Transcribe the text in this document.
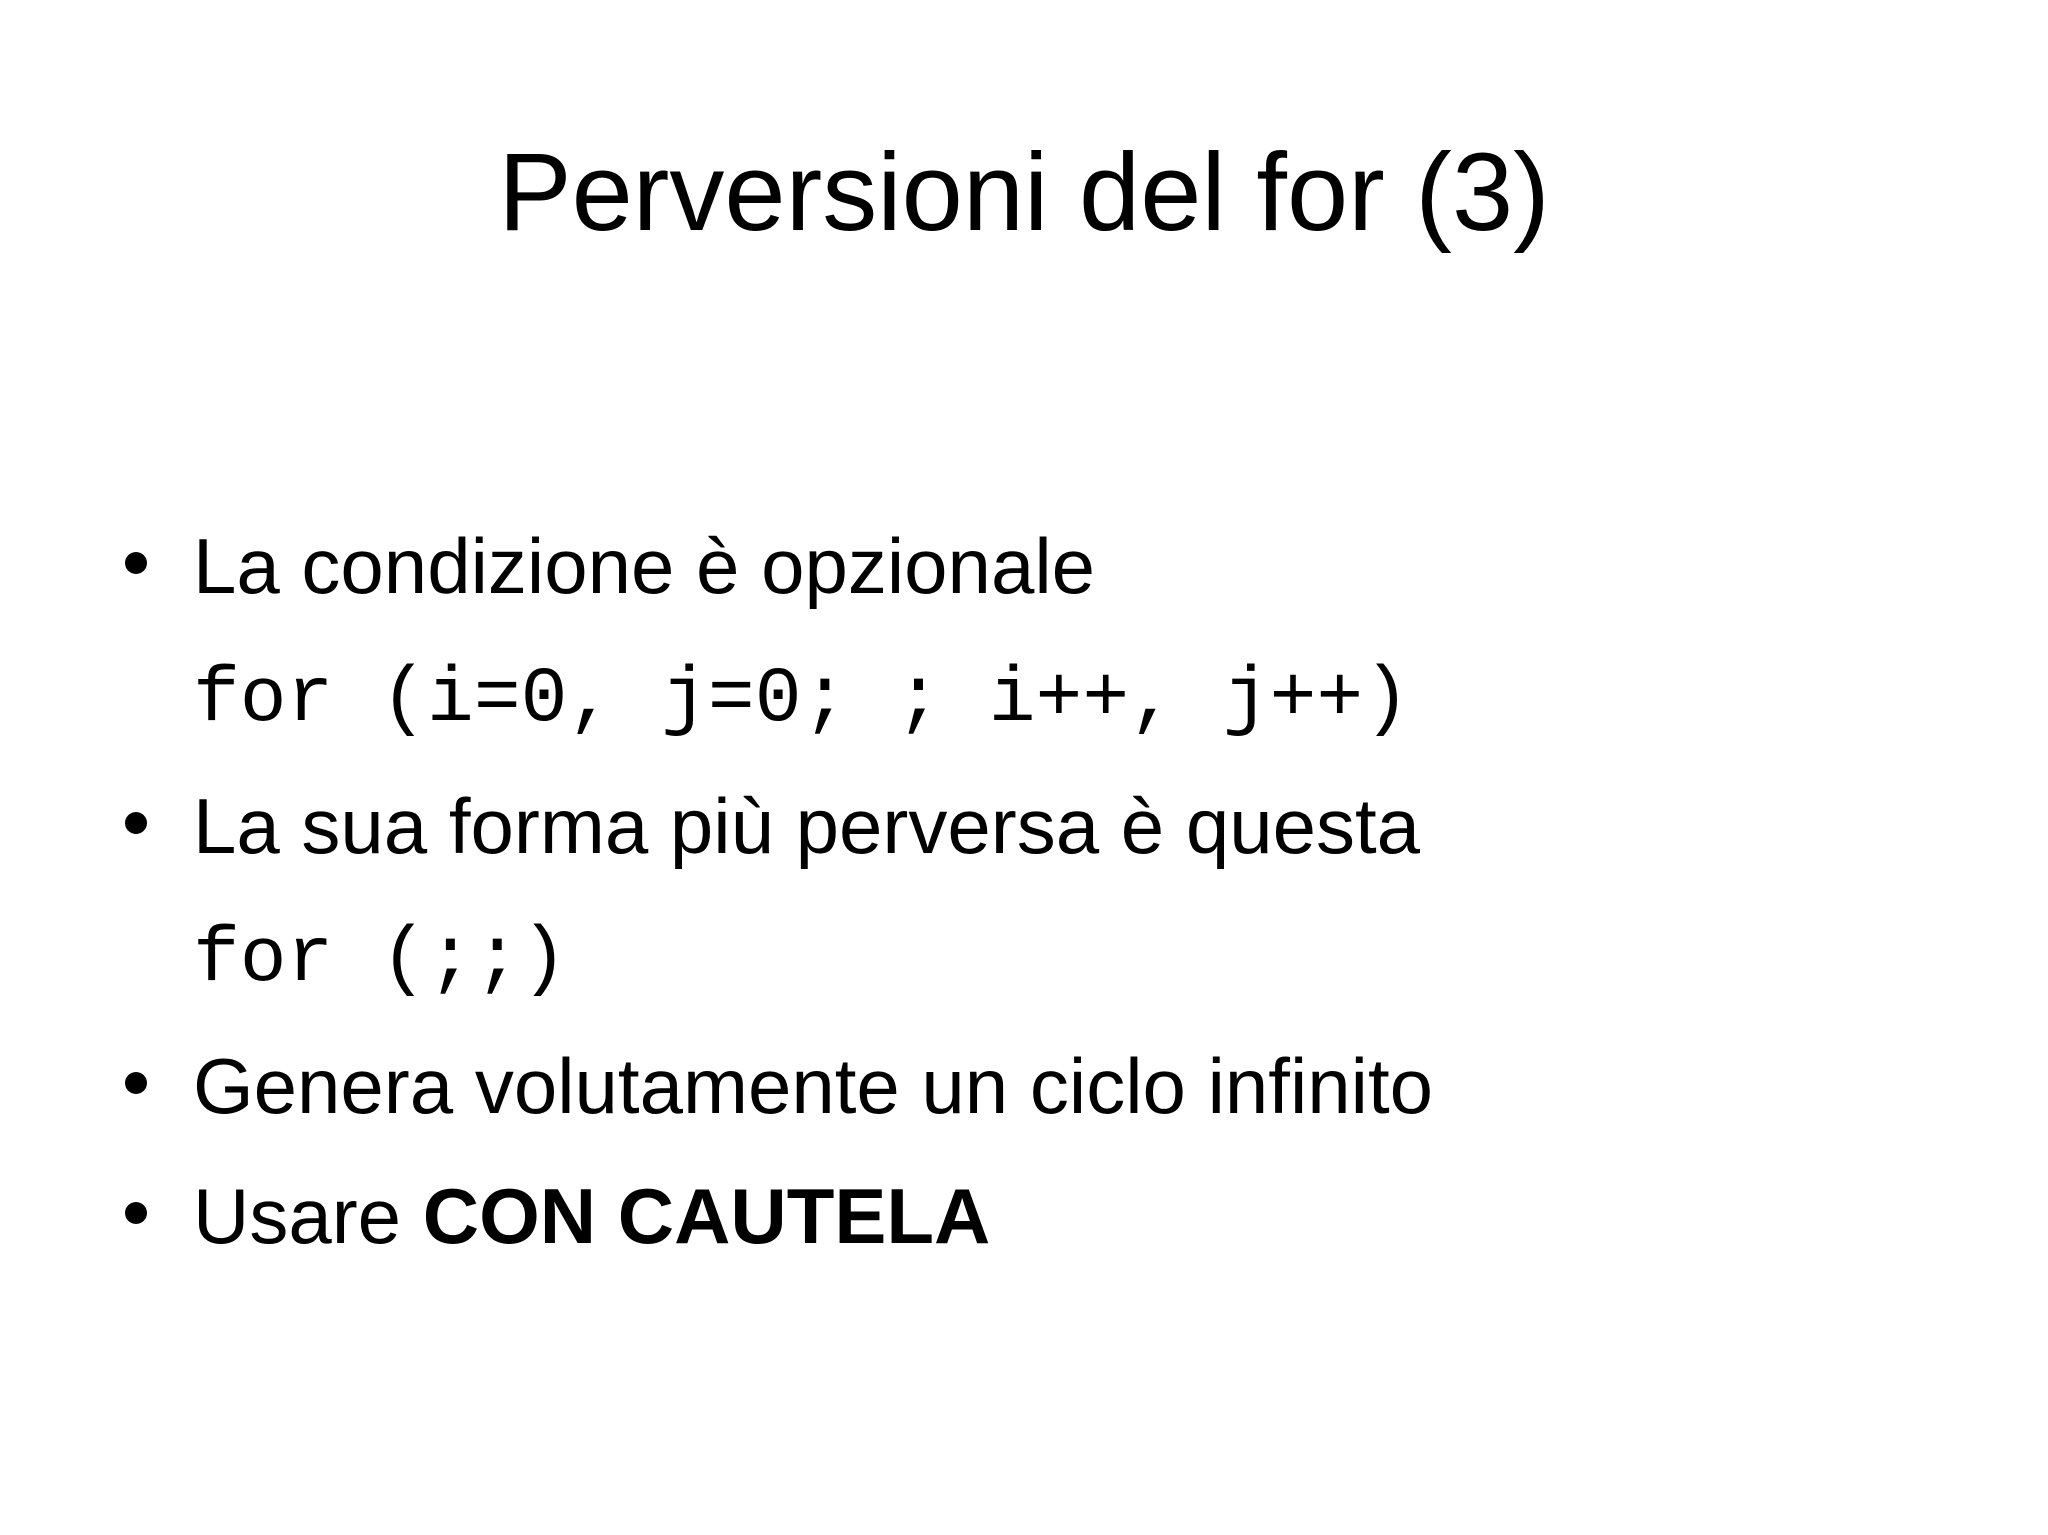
Perversioni del for (3)
La condizione è opzionale
for (i=0, j=0; ; i++, j++)
La sua forma più perversa è questa
for (;;)
Genera volutamente un ciclo infinito
Usare CON CAUTELA
